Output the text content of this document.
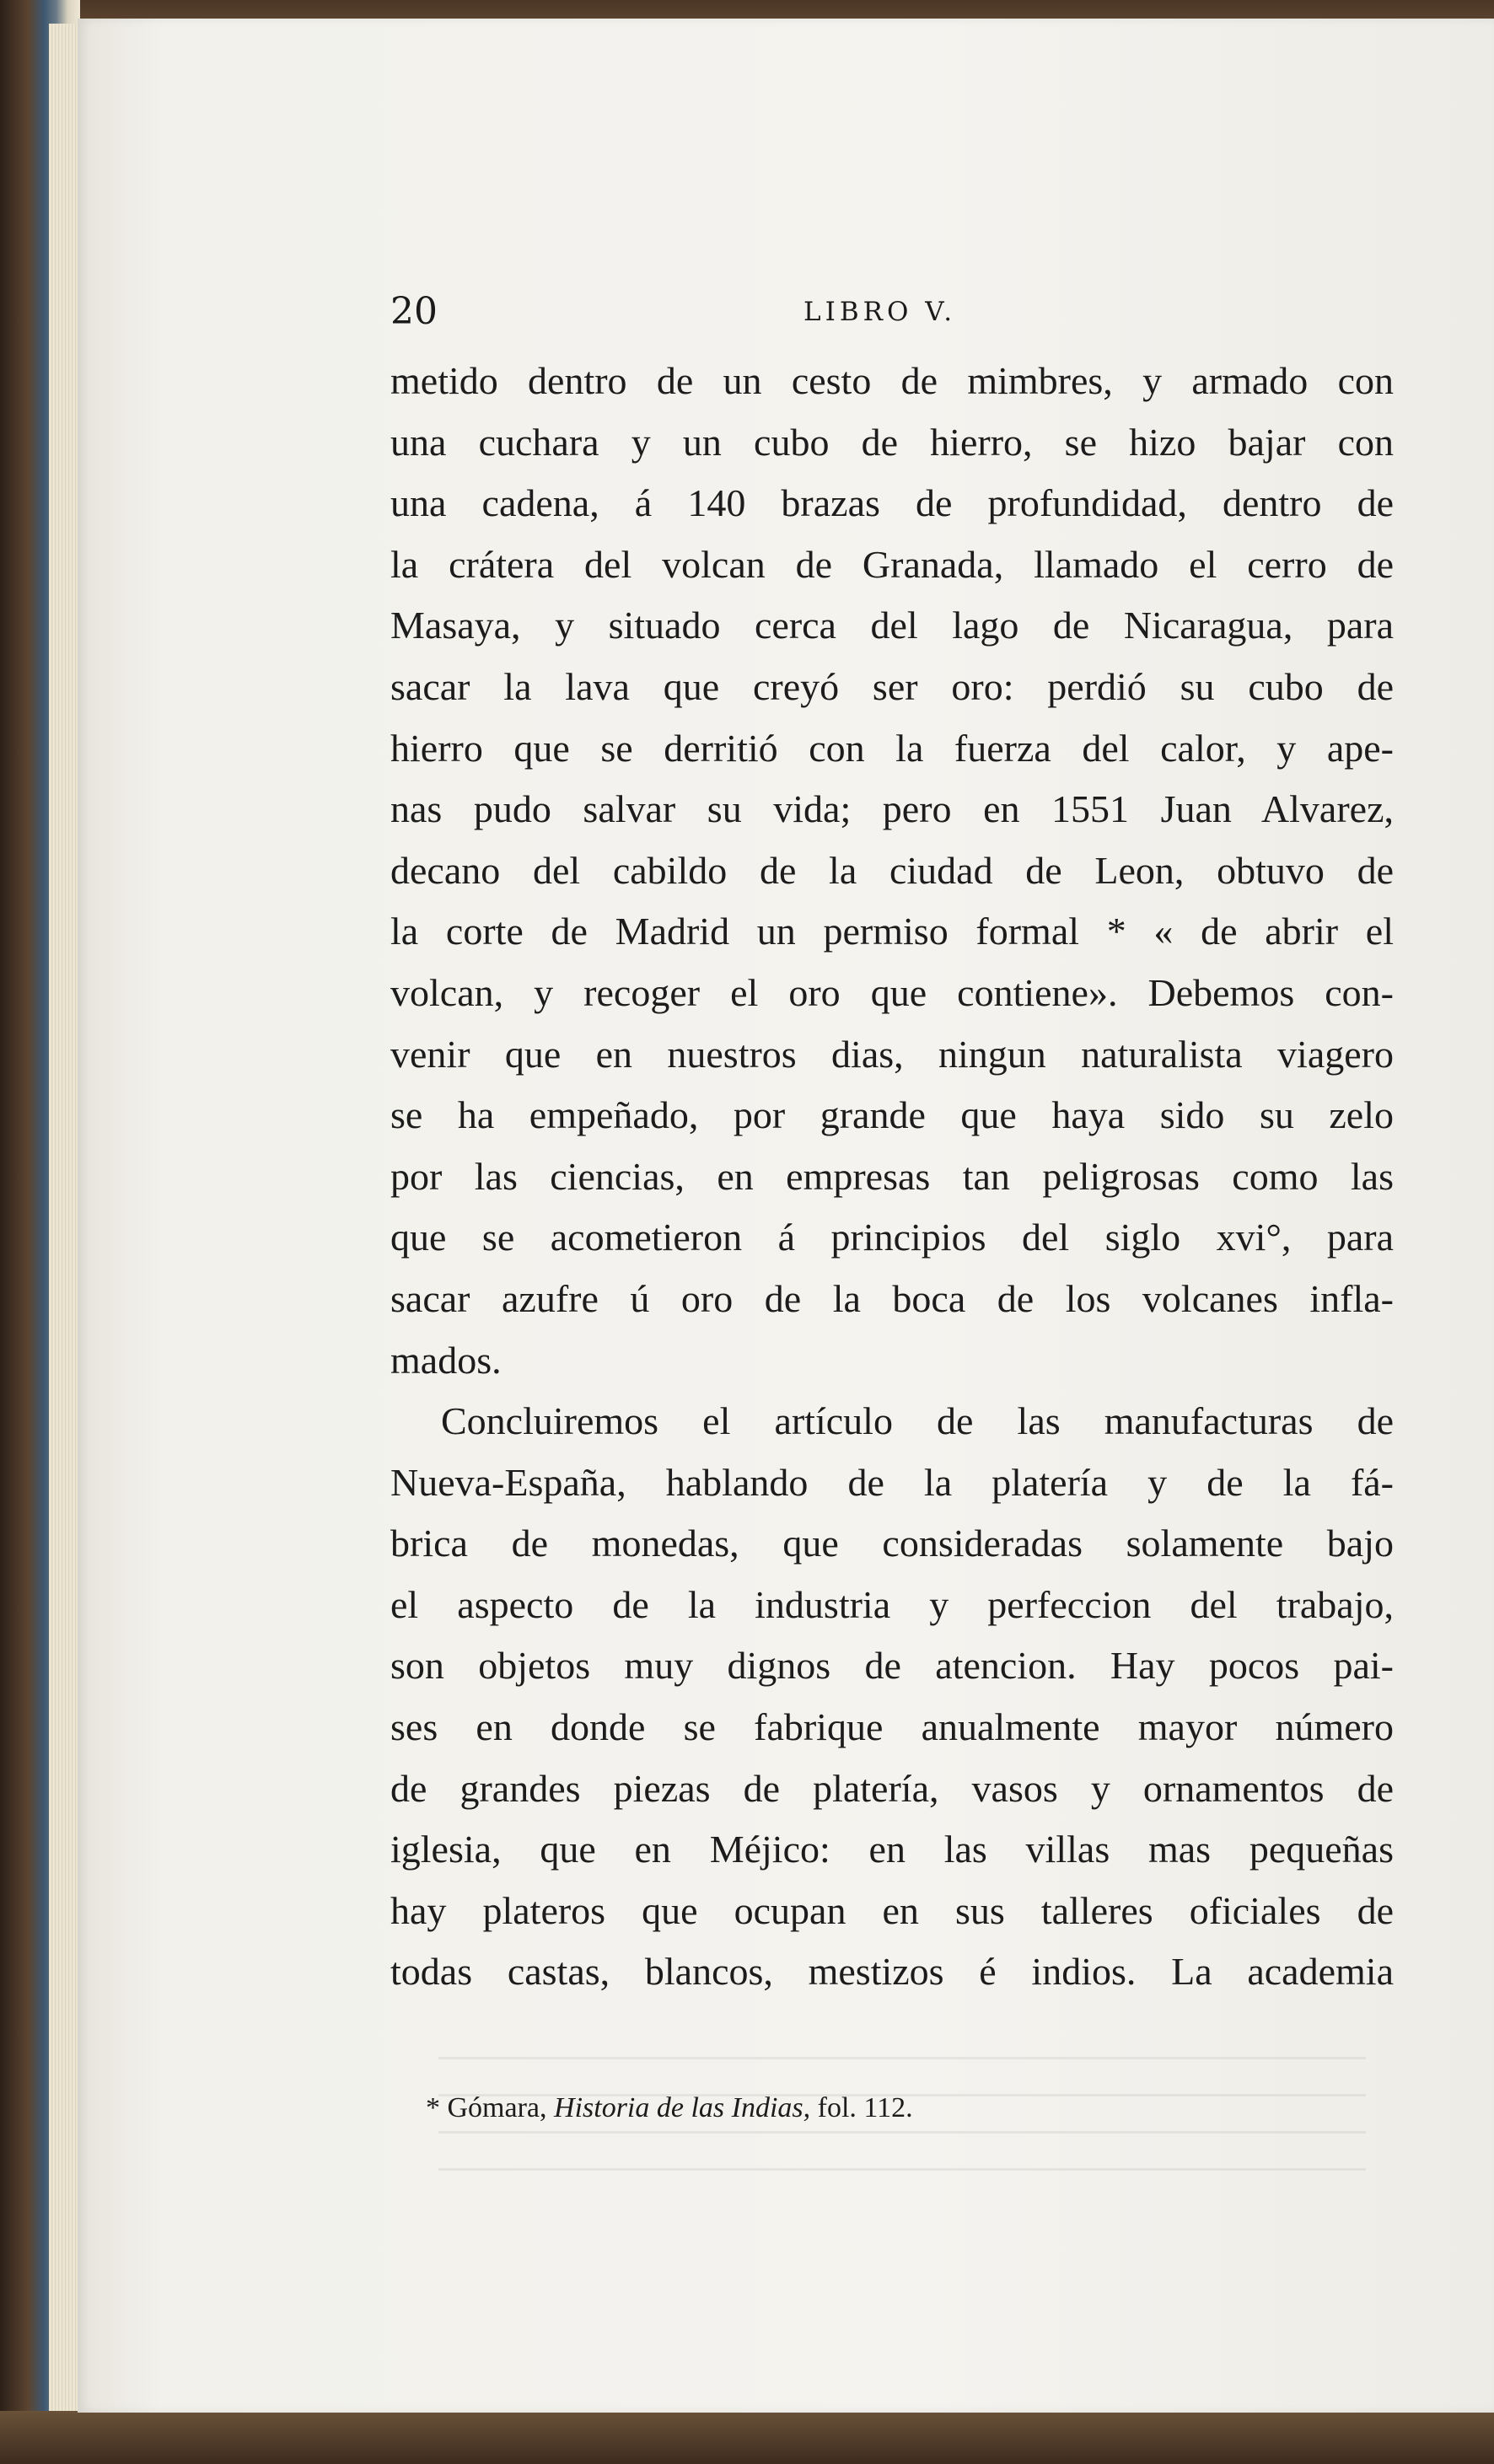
20	LIBRO V.
metido dentro de un cesto de mimbres, y armado con
una cuchara y un cubo de hierro, se hizo bajar con
una cadena, á 140 brazas de profundidad, dentro de
la crátera del volcan de Granada, llamado el cerro de
Masaya, y situado cerca del lago de Nicaragua, para
sacar la lava que creyó ser oro: perdió su cubo de
hierro que se derritió con la fuerza del calor, y ape-
nas pudo salvar su vida; pero en 1551 Juan Alvarez,
decano del cabildo de la ciudad de Leon, obtuvo de
la corte de Madrid un permiso formal * « de abrir el
volcan, y recoger el oro que contiene». Debemos con-
venir que en nuestros dias, ningun naturalista viagero
se ha empeñado, por grande que haya sido su zelo
por las ciencias, en empresas tan peligrosas como las
que se acometieron á principios del siglo xvi°, para
sacar azufre ú oro de la boca de los volcanes infla-
mados.
Concluiremos el artículo de las manufacturas de
Nueva-España, hablando de la platería y de la fá-
brica de monedas, que consideradas solamente bajo
el aspecto de la industria y perfeccion del trabajo,
son objetos muy dignos de atencion. Hay pocos pai-
ses en donde se fabrique anualmente mayor número
de grandes piezas de platería, vasos y ornamentos de
iglesia, que en Méjico: en las villas mas pequeñas
hay plateros que ocupan en sus talleres oficiales de
todas castas, blancos, mestizos é indios. La academia
* Gómara, Historia de las Indias, fol. 112.
